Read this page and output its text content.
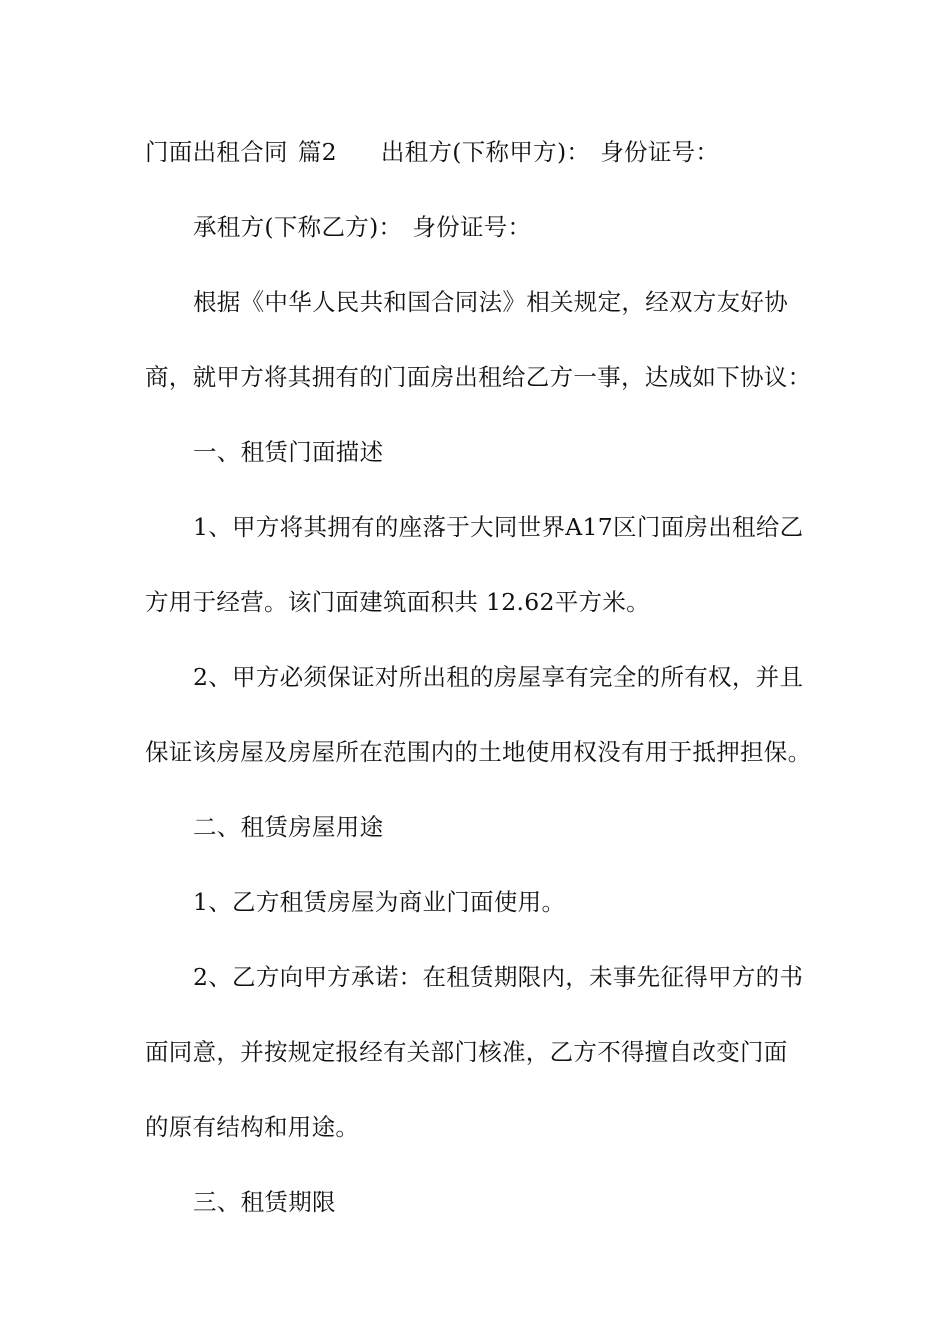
门面出租合同 篇2 出租方(下称甲方)： 身份证号：
承租方(下称乙方)： 身份证号：
根据《中华人民共和国合同法》相关规定，经双方友好协
商，就甲方将其拥有的门面房出租给乙方一事，达成如下协议：
一、租赁门面描述
1、甲方将其拥有的座落于大同世界A17区门面房出租给乙
方用于经营。该门面建筑面积共 12.62平方米。
2、甲方必须保证对所出租的房屋享有完全的所有权，并且
保证该房屋及房屋所在范围内的土地使用权没有用于抵押担保。
二、租赁房屋用途
1、乙方租赁房屋为商业门面使用。
2、乙方向甲方承诺：在租赁期限内，未事先征得甲方的书
面同意，并按规定报经有关部门核准，乙方不得擅自改变门面
的原有结构和用途。
三、租赁期限
